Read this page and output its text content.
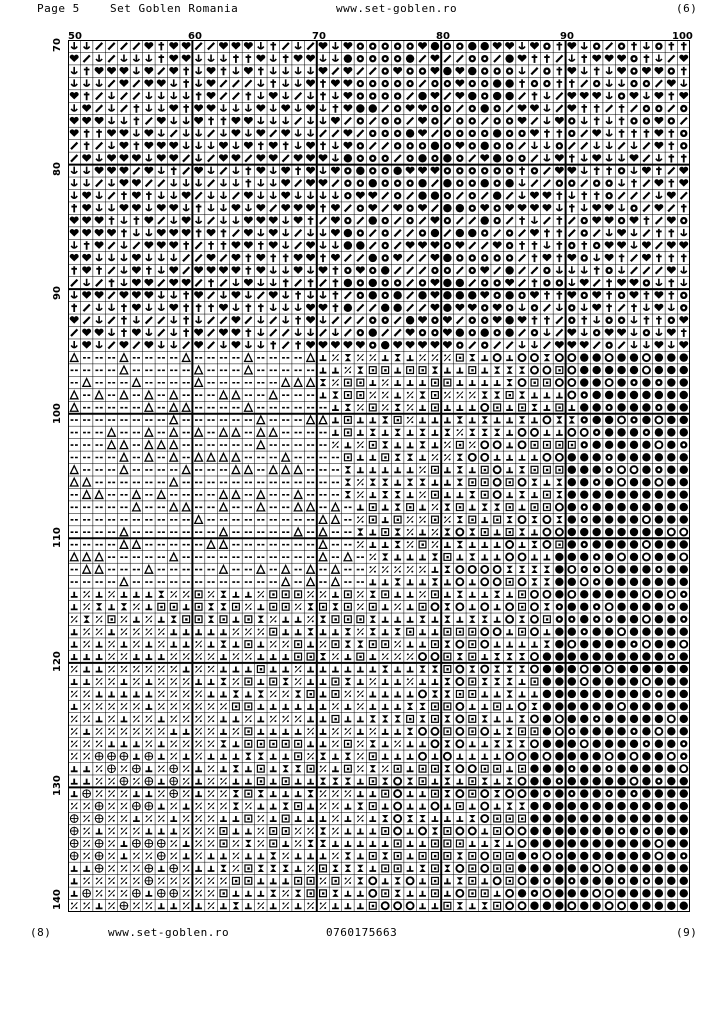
Page 5	Set Goblen Romania	www.set-goblen.ro	(6)
50	60	70	80	90	100
70
80
90
100
110
120
130
140
(8)	www.set-goblen.ro	0760175663	(9)
